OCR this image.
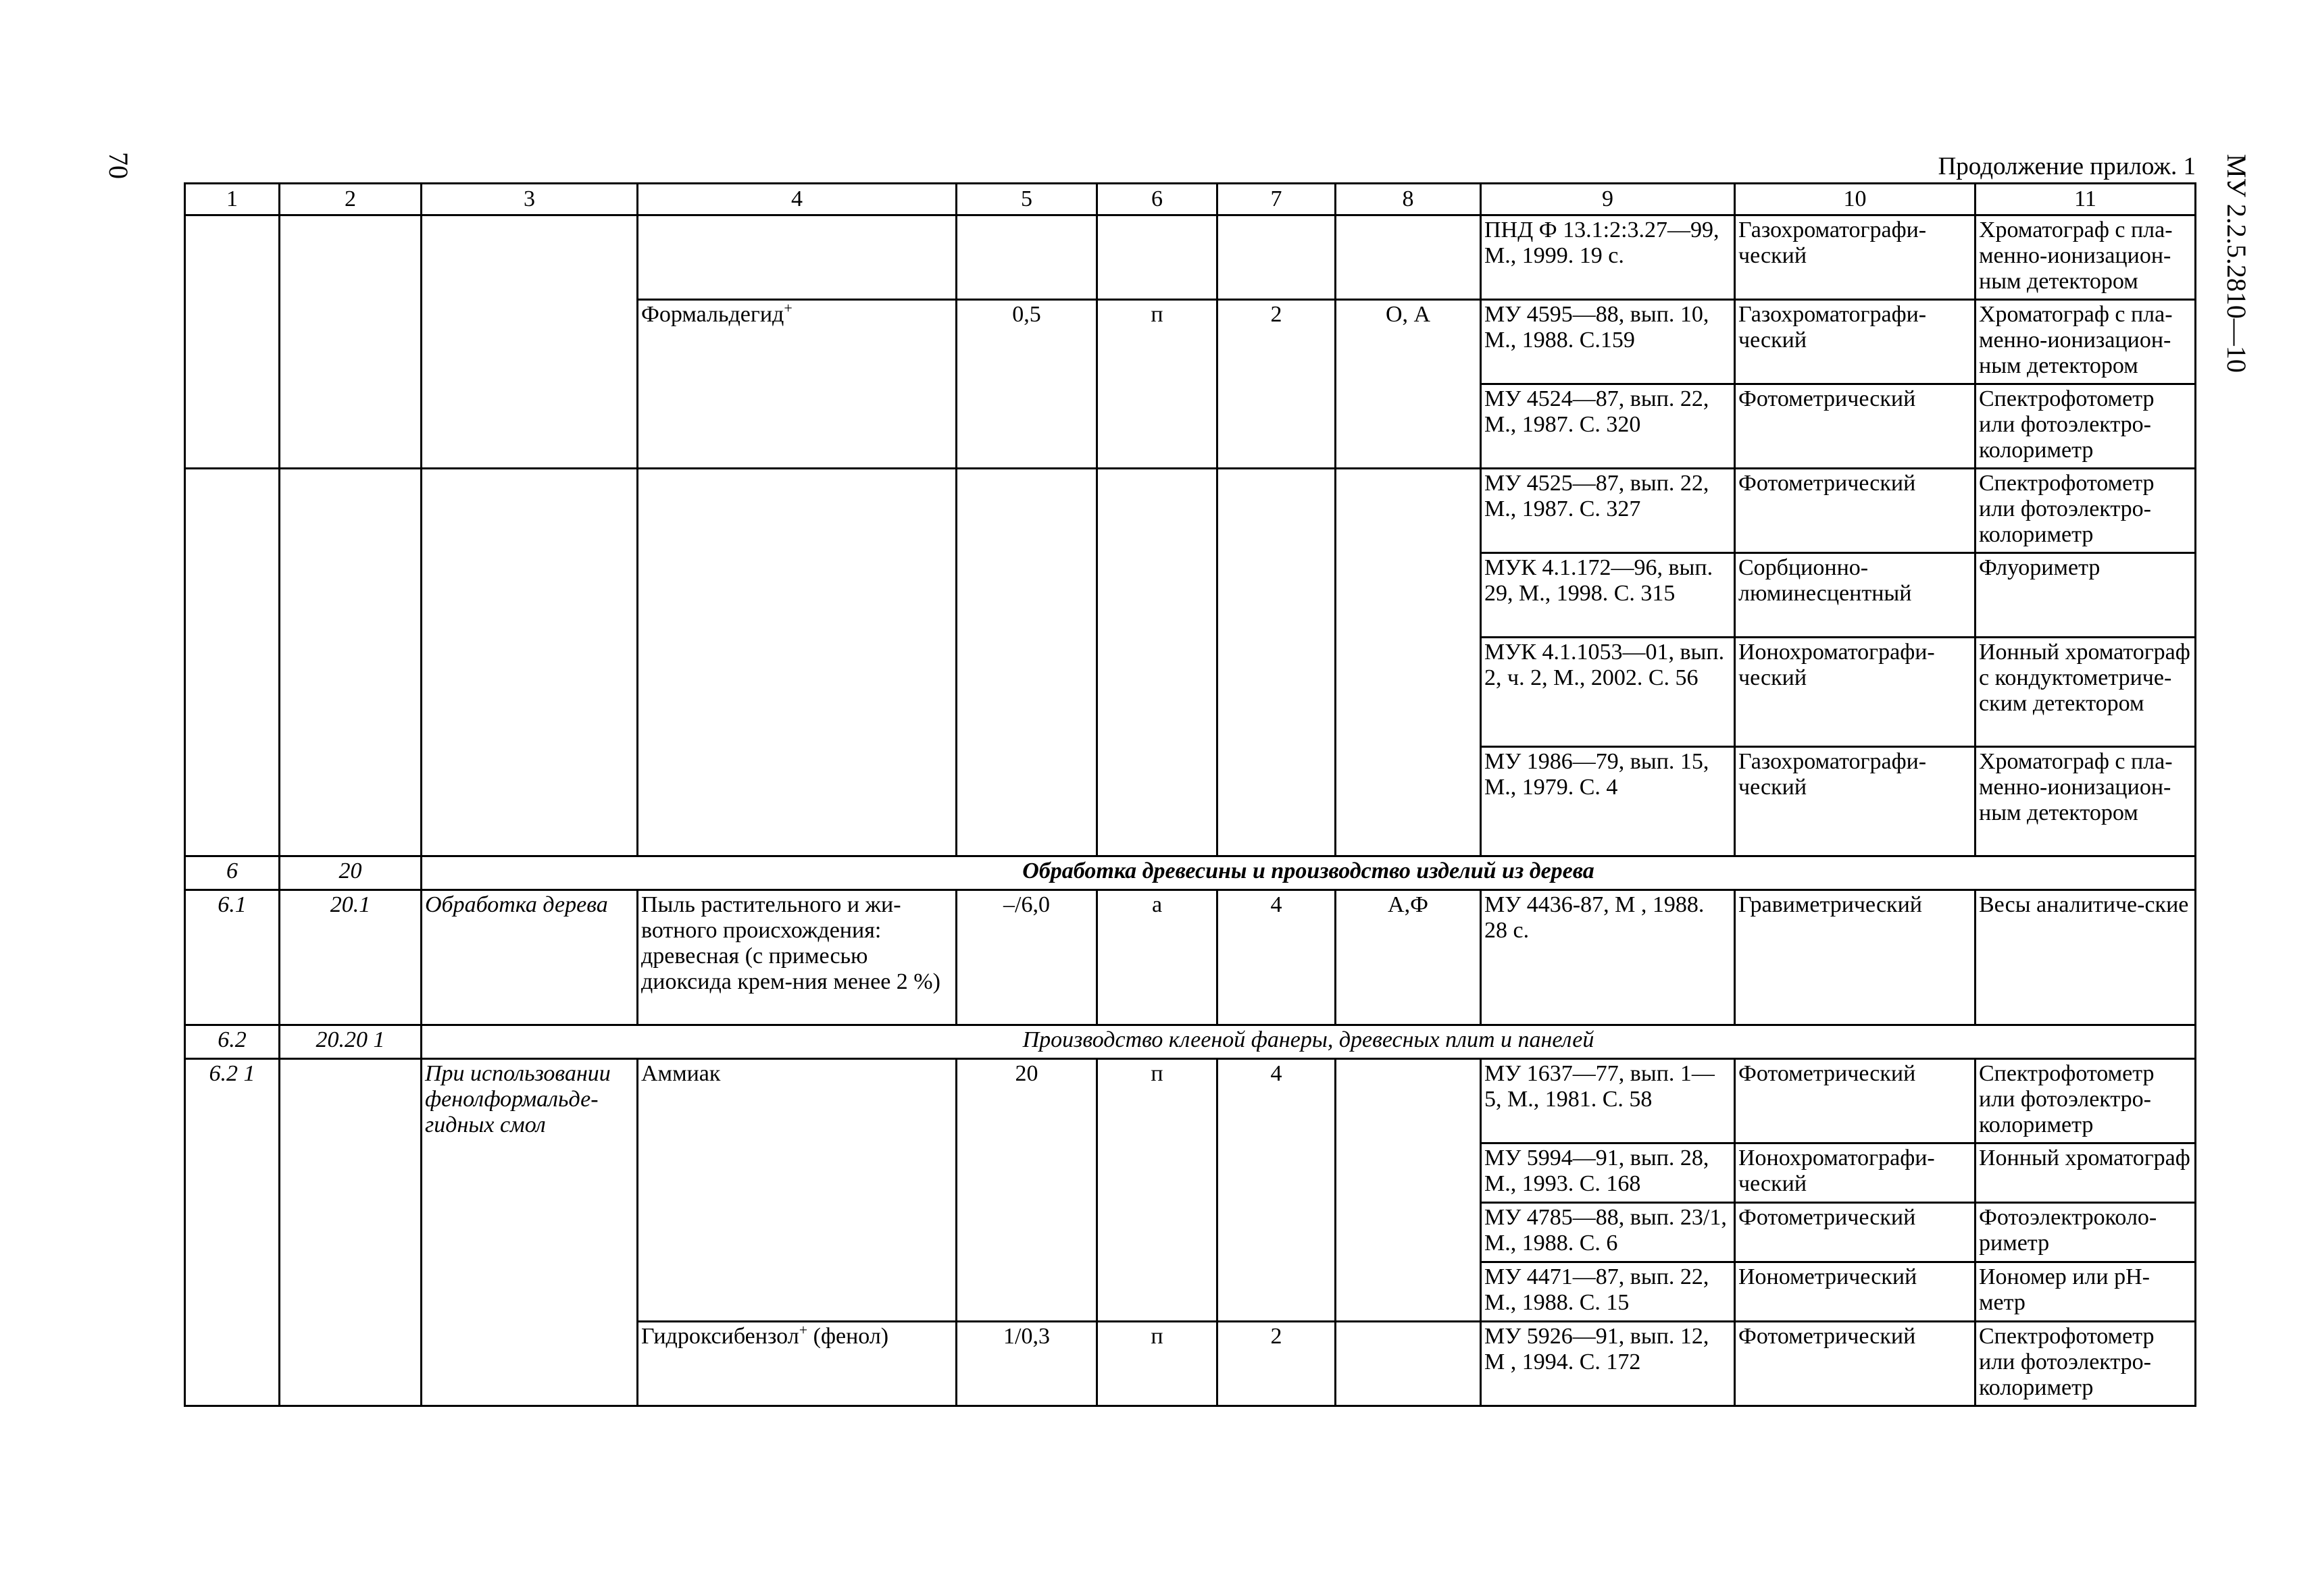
70	МУ 2.2.5.2810—10
Продолжение прилож. 1
1	2	3	4	5	6	7	8	9	10	11
								ПНД Ф 13.1:2:3.27—99, М., 1999. 19 с.	Газохроматографи-ческий	Хроматограф с пла-менно-ионизацион-ным детектором
			Формальдегид+	0,5	п	2	О, А	МУ 4595—88, вып. 10, М., 1988. С.159	Газохроматографи-ческий	Хроматограф с пла-менно-ионизацион-ным детектором
								МУ 4524—87, вып. 22, М., 1987. С. 320	Фотометрический	Спектрофотометр или фотоэлектро-колориметр

								МУ 4525—87, вып. 22, М., 1987. С. 327	Фотометрический	Спектрофотометр или фотоэлектро-колориметр
								МУК 4.1.172—96, вып. 29, М., 1998. С. 315	Сорбционно-люминесцентный	Флуориметр
								МУК 4.1.1053—01, вып. 2, ч. 2, М., 2002. С. 56	Ионохроматографи-ческий	Ионный хроматограф с кондуктометриче-ским детектором
								МУ 1986—79, вып. 15, М., 1979. С. 4	Газохроматографи-ческий	Хроматограф с пла-менно-ионизацион-ным детектором
6	20	Обработка древесины и производство изделий из дерева								
6.1	20.1	Обработка дерева	Пыль растительного и жи-вотного происхождения: древесная (с примесью диоксида крем-ния менее 2 %)	–/6,0	а	4	А,Ф	МУ 4436-87, М , 1988. 28 с.	Гравиметрический	Весы аналитиче-ские
6.2	20.20 1	Производство клееной фанеры, древесных плит и панелей								
6.2 1		При использовании фенолформальде-гидных смол	Аммиак	20	п	4		МУ 1637—77, вып. 1—5, М., 1981. С. 58	Фотометрический	Спектрофотометр или фотоэлектро-колориметр
								МУ 5994—91, вып. 28, М., 1993. С. 168	Ионохроматографи-ческий	Ионный хроматограф
								МУ 4785—88, вып. 23/1, М., 1988. С. 6	Фотометрический	Фотоэлектроколо-риметр
								МУ 4471—87, вып. 22, М., 1988. С. 15	Ионометрический	Иономер или pH-метр
			Гидроксибензол+ (фенол)	1/0,3	п	2		МУ 5926—91, вып. 12, М , 1994. С. 172	Фотометрический	Спектрофотометр или фотоэлектро-колориметр
